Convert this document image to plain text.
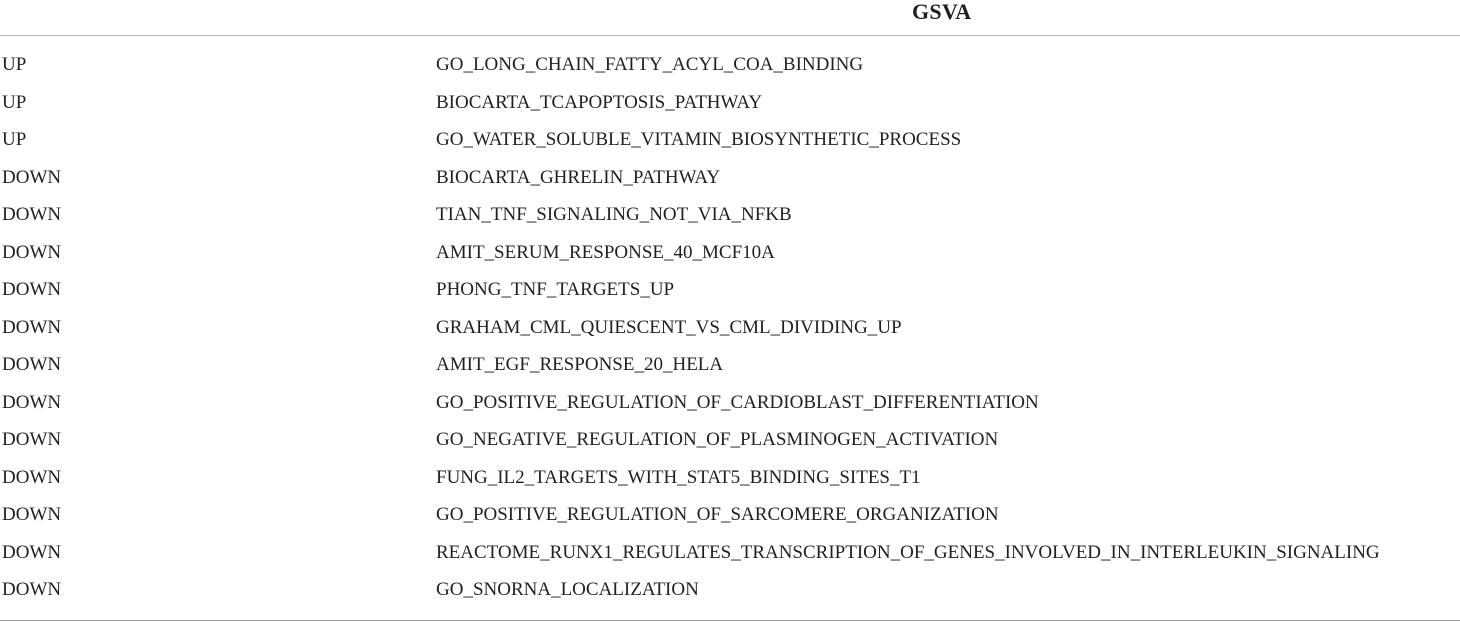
GSVA
UP	GO_LONG_CHAIN_FATTY_ACYL_COA_BINDING
UP	BIOCARTA_TCAPOPTOSIS_PATHWAY
UP	GO_WATER_SOLUBLE_VITAMIN_BIOSYNTHETIC_PROCESS
DOWN	BIOCARTA_GHRELIN_PATHWAY
DOWN	TIAN_TNF_SIGNALING_NOT_VIA_NFKB
DOWN	AMIT_SERUM_RESPONSE_40_MCF10A
DOWN	PHONG_TNF_TARGETS_UP
DOWN	GRAHAM_CML_QUIESCENT_VS_CML_DIVIDING_UP
DOWN	AMIT_EGF_RESPONSE_20_HELA
DOWN	GO_POSITIVE_REGULATION_OF_CARDIOBLAST_DIFFERENTIATION
DOWN	GO_NEGATIVE_REGULATION_OF_PLASMINOGEN_ACTIVATION
DOWN	FUNG_IL2_TARGETS_WITH_STAT5_BINDING_SITES_T1
DOWN	GO_POSITIVE_REGULATION_OF_SARCOMERE_ORGANIZATION
DOWN	REACTOME_RUNX1_REGULATES_TRANSCRIPTION_OF_GENES_INVOLVED_IN_INTERLEUKIN_SIGNALING
DOWN	GO_SNORNA_LOCALIZATION
